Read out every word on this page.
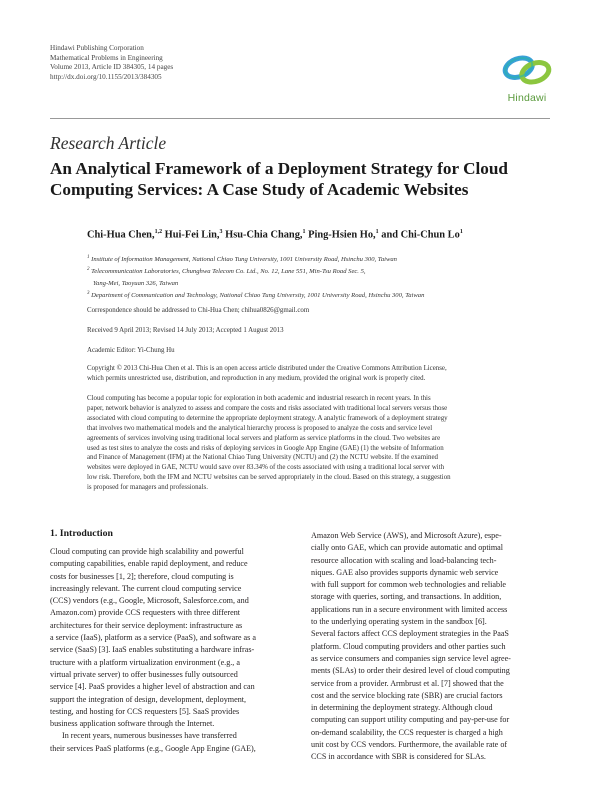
Hindawi Publishing Corporation
Mathematical Problems in Engineering
Volume 2013, Article ID 384305, 14 pages
http://dx.doi.org/10.1155/2013/384305
Hindawi
Research Article
An Analytical Framework of a Deployment Strategy for Cloud
Computing Services: A Case Study of Academic Websites
Chi-Hua Chen,$^{1,2}$ Hui-Fei Lin,$^3$ Hsu-Chia Chang,$^1$ Ping-Hsien Ho,$^1$ and Chi-Chun Lo$^1$
$^1$ Institute of Information Management, National Chiao Tung University, 1001 University Road, Hsinchu 300, Taiwan
$^2$ Telecommunication Laboratories, Chunghwa Telecom Co. Ltd., No. 12, Lane 551, Min-Tsu Road Sec. 5,
Yang-Mei, Taoyuan 326, Taiwan
$^3$ Department of Communication and Technology, National Chiao Tung University, 1001 University Road, Hsinchu 300, Taiwan
Correspondence should be addressed to Chi-Hua Chen; chihua0826@gmail.com
Received 9 April 2013; Revised 14 July 2013; Accepted 1 August 2013
Academic Editor: Yi-Chung Hu
Copyright © 2013 Chi-Hua Chen et al. This is an open access article distributed under the Creative Commons Attribution License,
which permits unrestricted use, distribution, and reproduction in any medium, provided the original work is properly cited.
Cloud computing has become a popular topic for exploration in both academic and industrial research in recent years. In this
paper, network behavior is analyzed to assess and compare the costs and risks associated with traditional local servers versus those
associated with cloud computing to determine the appropriate deployment strategy. A analytic framework of a deployment strategy
that involves two mathematical models and the analytical hierarchy process is proposed to analyze the costs and service level
agreements of services involving using traditional local servers and platform as service platforms in the cloud. Two websites are
used as test sites to analyze the costs and risks of deploying services in Google App Engine (GAE) (1) the website of Information
and Finance of Management (IFM) at the National Chiao Tung University (NCTU) and (2) the NCTU website. If the examined
websites were deployed in GAE, NCTU would save over 83.34% of the costs associated with using a traditional local server with
low risk. Therefore, both the IFM and NCTU websites can be served appropriately in the cloud. Based on this strategy, a suggestion
is proposed for managers and professionals.
1. Introduction
Cloud computing can provide high scalability and powerful
computing capabilities, enable rapid deployment, and reduce
costs for businesses [1, 2]; therefore, cloud computing is
increasingly relevant. The current cloud computing service
(CCS) vendors (e.g., Google, Microsoft, Salesforce.com, and
Amazon.com) provide CCS requesters with three different
architectures for their service deployment: infrastructure as
a service (IaaS), platform as a service (PaaS), and software as a
service (SaaS) [3]. IaaS enables substituting a hardware infras-
tructure with a platform virtualization environment (e.g., a
virtual private server) to offer businesses fully outsourced
service [4]. PaaS provides a higher level of abstraction and can
support the integration of design, development, deployment,
testing, and hosting for CCS requesters [5]. SaaS provides
business application software through the Internet.
In recent years, numerous businesses have transferred
their services PaaS platforms (e.g., Google App Engine (GAE),
Amazon Web Service (AWS), and Microsoft Azure), espe-
cially onto GAE, which can provide automatic and optimal
resource allocation with scaling and load-balancing tech-
niques. GAE also provides supports dynamic web service
with full support for common web technologies and reliable
storage with queries, sorting, and transactions. In addition,
applications run in a secure environment with limited access
to the underlying operating system in the sandbox [6].
Several factors affect CCS deployment strategies in the PaaS
platform. Cloud computing providers and other parties such
as service consumers and companies sign service level agree-
ments (SLAs) to order their desired level of cloud computing
service from a provider. Armbrust et al. [7] showed that the
cost and the service blocking rate (SBR) are crucial factors
in determining the deployment strategy. Although cloud
computing can support utility computing and pay-per-use for
on-demand scalability, the CCS requester is charged a high
unit cost by CCS vendors. Furthermore, the available rate of
CCS in accordance with SBR is considered for SLAs.
